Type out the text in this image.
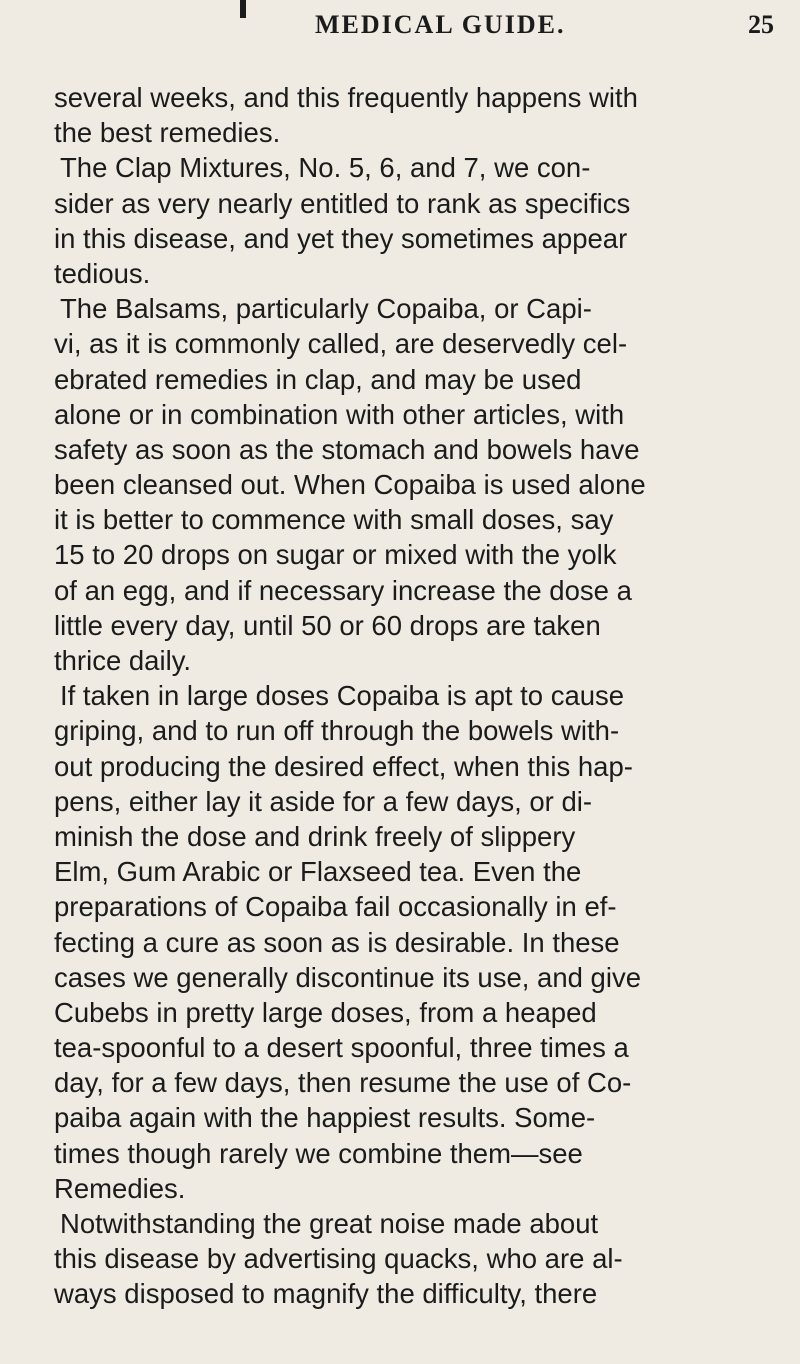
MEDICAL GUIDE.	25
several weeks, and this frequently happens with
the best remedies.
The Clap Mixtures, No. 5, 6, and 7, we con-
sider as very nearly entitled to rank as specifics
in this disease, and yet they sometimes appear
tedious.
The Balsams, particularly Copaiba, or Capi-
vi, as it is commonly called, are deservedly cel-
ebrated remedies in clap, and may be used
alone or in combination with other articles, with
safety as soon as the stomach and bowels have
been cleansed out. When Copaiba is used alone
it is better to commence with small doses, say
15 to 20 drops on sugar or mixed with the yolk
of an egg, and if necessary increase the dose a
little every day, until 50 or 60 drops are taken
thrice daily.
If taken in large doses Copaiba is apt to cause
griping, and to run off through the bowels with-
out producing the desired effect, when this hap-
pens, either lay it aside for a few days, or di-
minish the dose and drink freely of slippery
Elm, Gum Arabic or Flaxseed tea. Even the
preparations of Copaiba fail occasionally in ef-
fecting a cure as soon as is desirable. In these
cases we generally discontinue its use, and give
Cubebs in pretty large doses, from a heaped
tea-spoonful to a desert spoonful, three times a
day, for a few days, then resume the use of Co-
paiba again with the happiest results. Some-
times though rarely we combine them—see
Remedies.
Notwithstanding the great noise made about
this disease by advertising quacks, who are al-
ways disposed to magnify the difficulty, there
